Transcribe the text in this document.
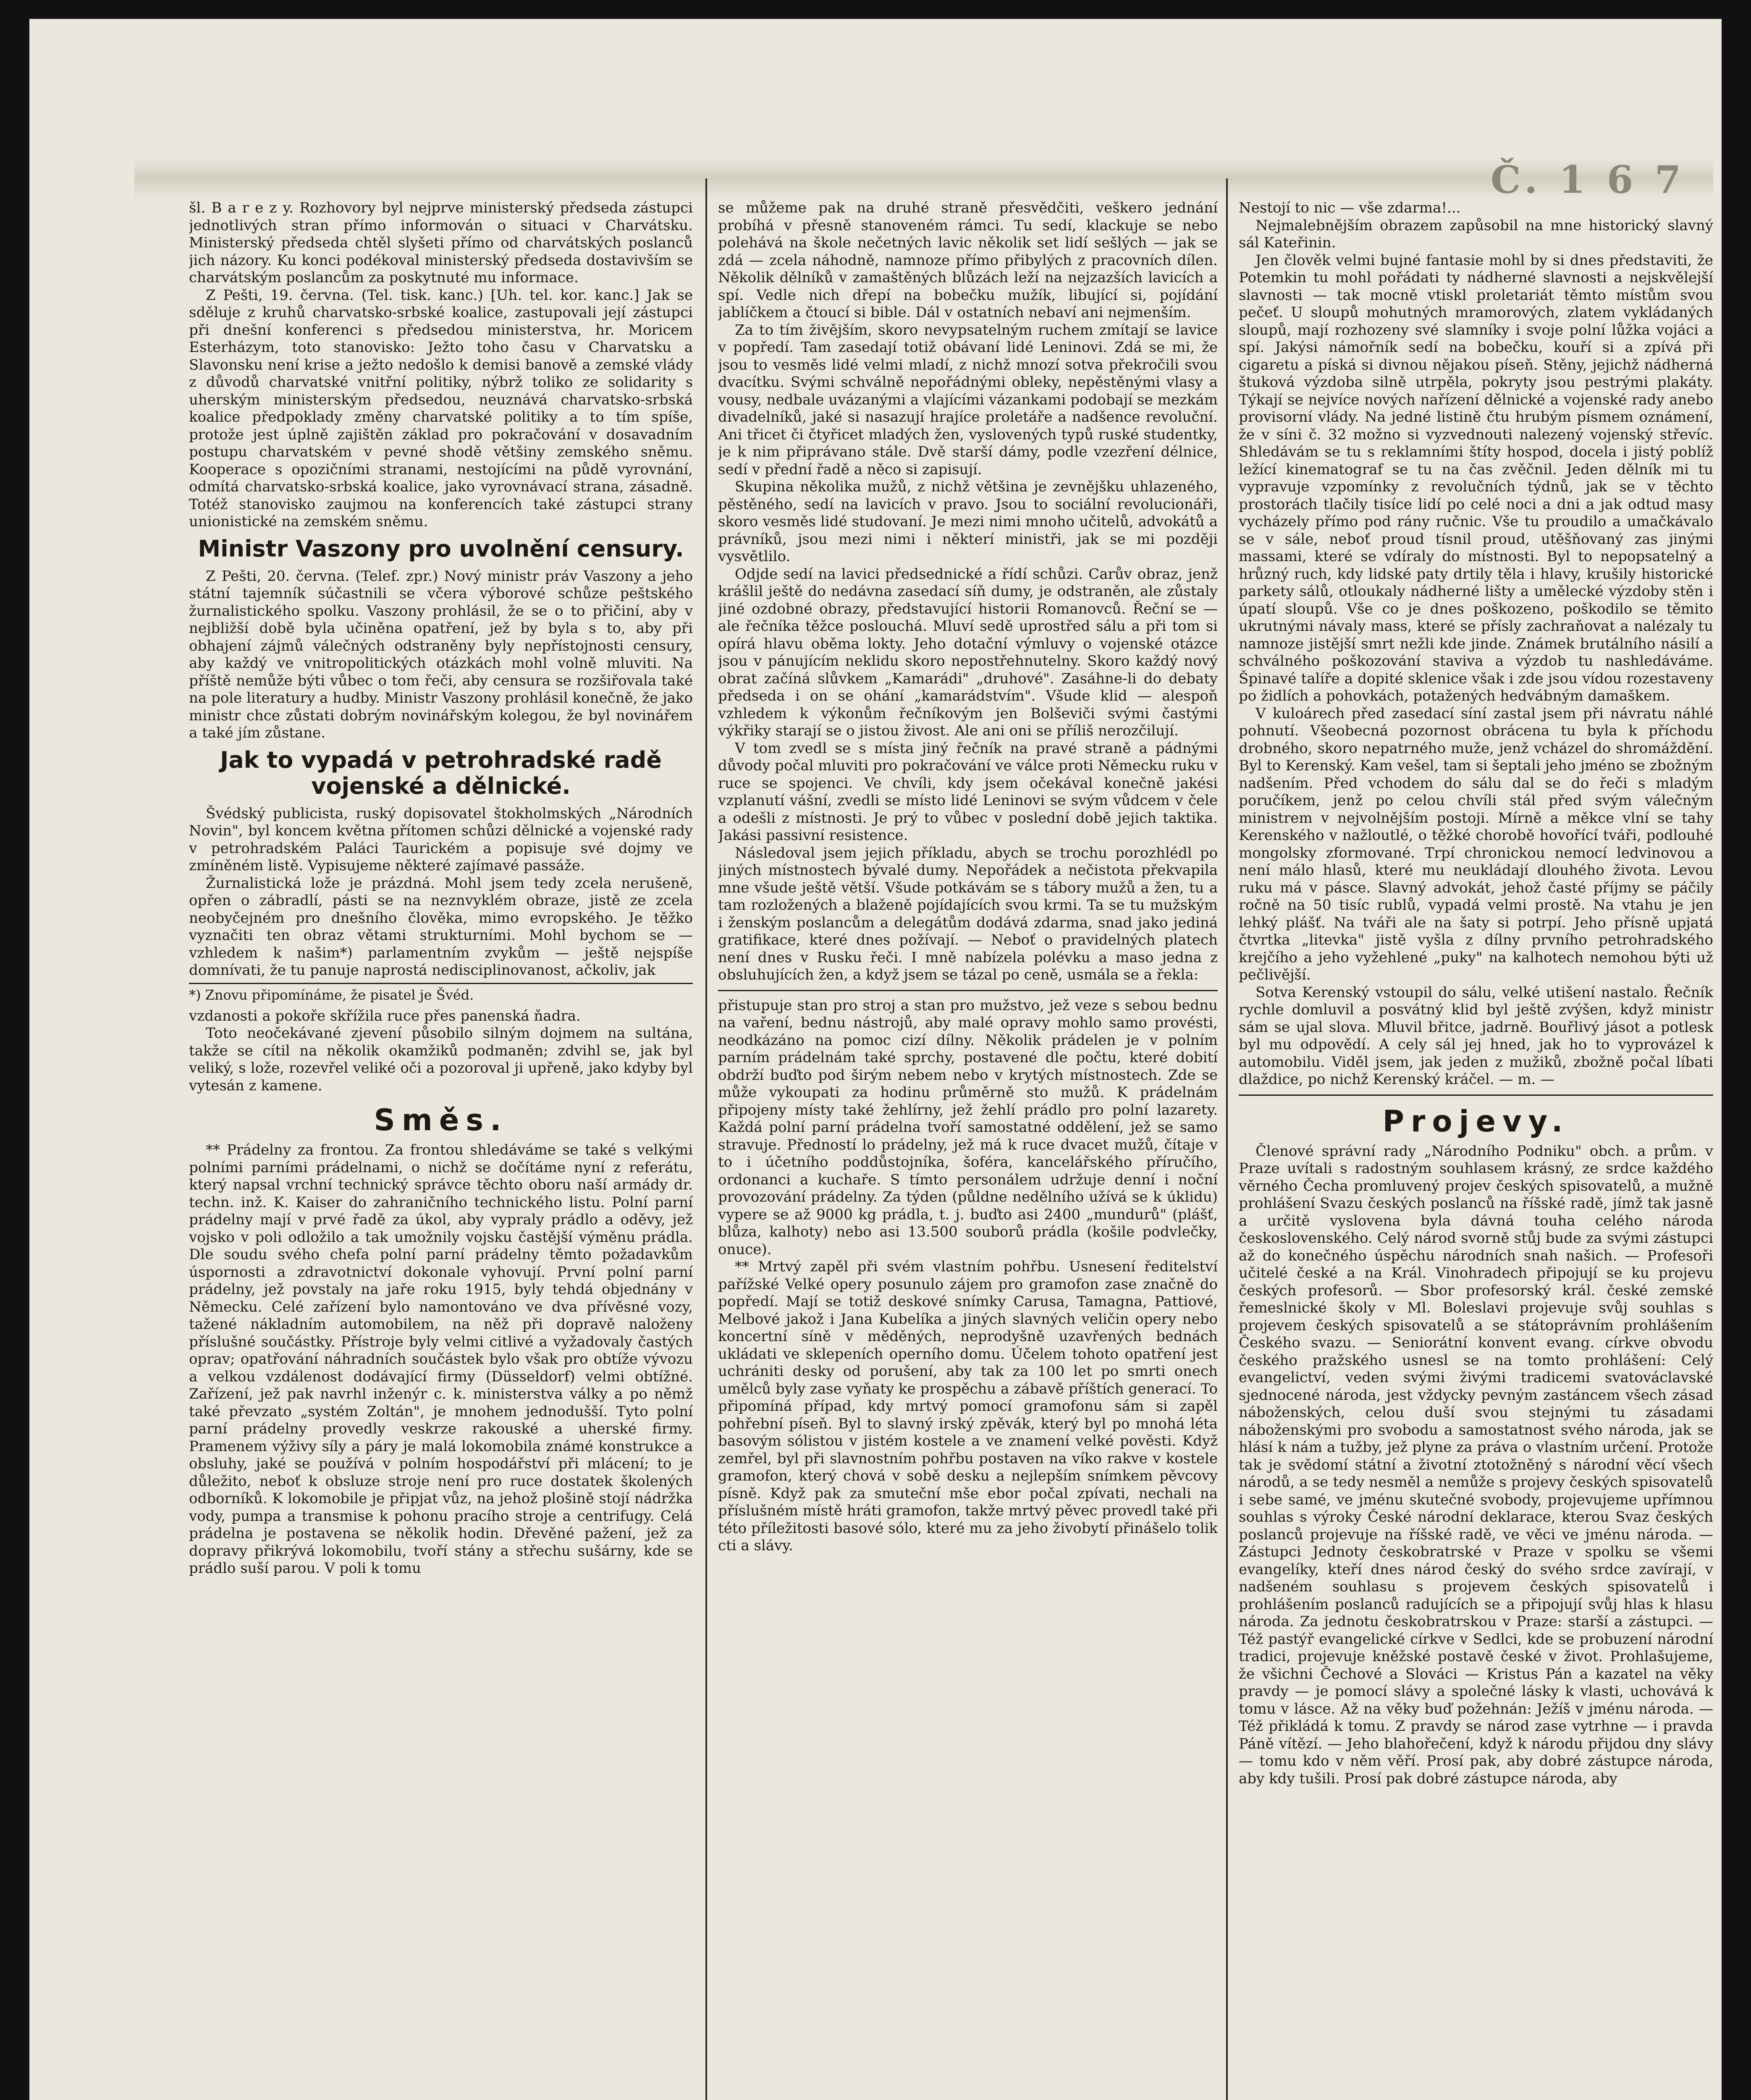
Č. 1 6 7

šl. B a r e z y. Rozhovory byl nejprve ministerský předseda zástupci jednotlivých stran přímo informován o situaci v Charvátsku. Ministerský předseda chtěl slyšeti přímo od charvátských poslanců jich názory. Ku konci podékoval ministerský předseda dostavivším se charvátským poslancům za poskytnuté mu informace.

Z Pešti, 19. června. (Tel. tisk. kanc.) [Uh. tel. kor. kanc.] Jak se sděluje z kruhů charvatsko-srbské koalice, zastupovali její zástupci při dnešní konferenci s předsedou ministerstva, hr. Moricem Esterházym, toto stanovisko: Ježto toho času v Charvatsku a Slavonsku není krise a ježto nedošlo k demisi banově a zemské vlády z důvodů charvatské vnitřní politiky, nýbrž toliko ze solidarity s uherským ministerským předsedou, neuznává charvatsko-srbská koalice předpoklady změny charvatské politiky a to tím spíše, protože jest úplně zajištěn základ pro pokračování v dosavadním postupu charvatském v pevné shodě většiny zemského sněmu. Kooperace s opozičními stranami, nestojícími na půdě vyrovnání, odmítá charvatsko-srbská koalice, jako vyrovnávací strana, zásadně. Totéž stanovisko zaujmou na konferencích také zástupci strany unionistické na zemském sněmu.

Ministr Vaszony pro uvolnění censury.

Z Pešti, 20. června. (Telef. zpr.) Nový ministr práv Vaszony a jeho státní tajemník súčastnili se včera výborové schůze peštského žurnalistického spolku. Vaszony prohlásil, že se o to přičiní, aby v nejbližší době byla učiněna opatření, jež by byla s to, aby při obhajení zájmů válečných odstraněny byly nepřístojnosti censury, aby každý ve vnitropolitických otázkách mohl volně mluviti. Na příště nemůže býti vůbec o tom řeči, aby censura se rozšiřovala také na pole literatury a hudby. Ministr Vaszony prohlásil konečně, že jako ministr chce zůstati dobrým novinářským kolegou, že byl novinářem a také jím zůstane.

Jak to vypadá v petrohradské radě vojenské a dělnické.

Švédský publicista, ruský dopisovatel štokholmských „Národních Novin", byl koncem května přítomen schůzi dělnické a vojenské rady v petrohradském Paláci Taurickém a popisuje své dojmy ve zmíněném listě. Vypisujeme některé zajímavé passáže.

Žurnalistická lože je prázdná. Mohl jsem tedy zcela nerušeně, opřen o zábradlí, pásti se na neznvyklém obraze, jistě ze zcela neobyčejném pro dnešního člověka, mimo evropského. Je těžko vyznačiti ten obraz větami strukturními. Mohl bychom se — vzhledem k našim*) parlamentním zvykům — ještě nejspíše domnívati, že tu panuje naprostá nedisciplinovanost, ačkoliv, jak

*) Znovu připomínáme, že pisatel je Švéd.

vzdanosti a pokoře skřížila ruce přes panenská ňadra.

Toto neočekávané zjevení působilo silným dojmem na sultána, takže se cítil na několik okamžiků podmaněn; zdvihl se, jak byl veliký, s lože, rozevřel veliké oči a pozoroval ji upřeně, jako kdyby byl vytesán z kamene.

Směs.

** Prádelny za frontou. Za frontou shledáváme se také s velkými polními parními prádelnami, o nichž se dočítáme nyní z referátu, který napsal vrchní technický správce těchto oboru naší armády dr. techn. inž. K. Kaiser do zahraničního technického listu. Polní parní prádelny mají v prvé řadě za úkol, aby vypraly prádlo a oděvy, jež vojsko v poli odložilo a tak umožnily vojsku častější výměnu prádla. Dle soudu svého chefa polní parní prádelny těmto požadavkům úspornosti a zdravotnictví dokonale vyhovují. První polní parní prádelny, jež povstaly na jaře roku 1915, byly tehdá objednány v Německu. Celé zařízení bylo namontováno ve dva přívěsné vozy, tažené nákladním automobilem, na něž při dopravě naloženy příslušné součástky. Přístroje byly velmi citlivé a vyžadovaly častých oprav; opatřování náhradních součástek bylo však pro obtíže vývozu a velkou vzdálenost dodávající firmy (Düsseldorf) velmi obtížné. Zařízení, jež pak navrhl inženýr c. k. ministerstva války a po němž také převzato „systém Zoltán", je mnohem jednodušší. Tyto polní parní prádelny provedly veskrze rakouské a uherské firmy. Pramenem výživy síly a páry je malá lokomobila známé konstrukce a obsluhy, jaké se používá v polním hospodářství při mlácení; to je důležito, neboť k obsluze stroje není pro ruce dostatek školených odborníků. K lokomobile je připjat vůz, na jehož plošině stojí nádržka vody, pumpa a transmise k pohonu pracího stroje a centrifugy. Celá prádelna je postavena se několik hodin. Dřevěné pažení, jež za dopravy přikrývá lokomobilu, tvoří stány a střechu sušárny, kde se prádlo suší parou. V poli k tomu

se můžeme pak na druhé straně přesvědčiti, veškero jednání probíhá v přesně stanoveném rámci. Tu sedí, klackuje se nebo polehává na škole nečetných lavic několik set lidí sešlých — jak se zdá — zcela náhodně, namnoze přímo přibylých z pracovních dílen. Několik dělníků v zamaštěných blůzách leží na nejzazších lavicích a spí. Vedle nich dřepí na bobečku mužík, libující si, pojídání jablíčkem a čtoucí si bible. Dál v ostatních nebaví ani nejmenším.

Za to tím živějším, skoro nevypsatelným ruchem zmítají se lavice v popředí. Tam zasedají totiž obávaní lidé Leninovi. Zdá se mi, že jsou to vesměs lidé velmi mladí, z nichž mnozí sotva překročili svou dvacítku. Svými schválně nepořádnými obleky, nepěstěnými vlasy a vousy, nedbale uvázanými a vlajícími vázankami podobají se mezkám divadelníků, jaké si nasazují hrajíce proletáře a nadšence revoluční. Ani třicet či čtyřicet mladých žen, vyslovených typů ruské studentky, je k nim připrávano stále. Dvě starší dámy, podle vzezření délnice, sedí v přední řadě a něco si zapisují.

Skupina několika mužů, z nichž většina je zevnějšku uhlazeného, pěstěného, sedí na lavicích v pravo. Jsou to sociální revolucionáři, skoro vesměs lidé studovaní. Je mezi nimi mnoho učitelů, advokátů a právníků, jsou mezi nimi i některí ministři, jak se mi později vysvětlilo.

Odjde sedí na lavici předsednické a řídí schůzi. Carův obraz, jenž krášlil ještě do nedávna zasedací síň dumy, je odstraněn, ale zůstaly jiné ozdobné obrazy, představující historii Romanovců. Řeční se — ale řečníka těžce poslouchá. Mluví sedě uprostřed sálu a při tom si opírá hlavu oběma lokty. Jeho dotační výmluvy o vojenské otázce jsou v pánujícím neklidu skoro nepostřehnutelny. Skoro každý nový obrat začíná slůvkem „Kamarádi" „druhové". Zasáhne-li do debaty předseda i on se ohání „kamarádstvím". Všude klid — alespoň vzhledem k výkonům řečníkovým jen Bolševiči svými častými výkřiky starají se o jistou živost. Ale ani oni se příliš nerozčilují.

V tom zvedl se s místa jiný řečník na pravé straně a pádnými důvody počal mluviti pro pokračování ve válce proti Německu ruku v ruce se spojenci. Ve chvíli, kdy jsem očekával konečně jakési vzplanutí vášní, zvedli se místo lidé Leninovi se svým vůdcem v čele a odešli z místnosti. Je prý to vůbec v poslední době jejich taktika. Jakási passivní resistence.

Následoval jsem jejich příkladu, abych se trochu porozhlédl po jiných místnostech bývalé dumy. Nepořádek a nečistota překvapila mne všude ještě větší. Všude potkávám se s tábory mužů a žen, tu a tam rozložených a blaženě pojídajících svou krmi. Ta se tu mužským i ženským poslancům a delegátům dodává zdarma, snad jako jediná gratifikace, které dnes požívají. — Neboť o pravidelných platech není dnes v Rusku řeči. I mně nabízela polévku a maso jedna z obsluhujících žen, a když jsem se tázal po ceně, usmála se a řekla:

přistupuje stan pro stroj a stan pro mužstvo, jež veze s sebou bednu na vaření, bednu nástrojů, aby malé opravy mohlo samo provésti, neodkázáno na pomoc cizí dílny. Několik prádelen je v polním parním prádelnám také sprchy, postavené dle počtu, které dobití obdrží buďto pod širým nebem nebo v krytých místnostech. Zde se může vykoupati za hodinu průměrně sto mužů. K prádelnám připojeny místy také žehlírny, jež žehlí prádlo pro polní lazarety. Každá polní parní prádelna tvoří samostatné oddělení, jež se samo stravuje. Předností lo prádelny, jež má k ruce dvacet mužů, čítaje v to i účetního poddůstojníka, šoféra, kancelářského příručího, ordonanci a kuchaře. S tímto personálem udržuje denní i noční provozování prádelny. Za týden (půldne nedělního užívá se k úklidu) vypere se až 9000 kg prádla, t. j. buďto asi 2400 „mundurů" (plášť, blůza, kalhoty) nebo asi 13.500 souborů prádla (košile podvlečky, onuce).

** Mrtvý zapěl při svém vlastním pohřbu. Usnesení ředitelství pařížské Velké opery posunulo zájem pro gramofon zase značně do popředí. Mají se totiž deskové snímky Carusa, Tamagna, Pattiové, Melbové jakož i Jana Kubelíka a jiných slavných veličin opery nebo koncertní síně v měděných, neprodyšně uzavřených bednách ukládati ve sklepeních operního domu. Účelem tohoto opatření jest uchrániti desky od porušení, aby tak za 100 let po smrti onech umělců byly zase vyňaty ke prospěchu a zábavě příštích generací. To připomíná případ, kdy mrtvý pomocí gramofonu sám si zapěl pohřební píseň. Byl to slavný irský zpěvák, který byl po mnohá léta basovým sólistou v jistém kostele a ve znamení velké pověsti. Když zemřel, byl při slavnostním pohřbu postaven na víko rakve v kostele gramofon, který chová v sobě desku a nejlepším snímkem pěvcovy písně. Když pak za smuteční mše ebor počal zpívati, nechali na příslušném místě hráti gramofon, takže mrtvý pěvec provedl také při této příležitosti basové sólo, které mu za jeho živobytí přinášelo tolik cti a slávy.

Nestojí to nic — vše zdarma!...

Nejmalebnějším obrazem zapůsobil na mne historický slavný sál Kateřinin.

Jen člověk velmi bujné fantasie mohl by si dnes představiti, že Potemkin tu mohl pořádati ty nádherné slavnosti a nejskvělejší slavnosti — tak mocně vtiskl proletariát těmto místům svou pečeť. U sloupů mohutných mramorových, zlatem vykládaných sloupů, mají rozhozeny své slamníky i svoje polní lůžka vojáci a spí. Jakýsi námořník sedí na bobečku, kouří si a zpívá při cigaretu a píská si divnou nějakou píseň. Stěny, jejichž nádherná štuková výzdoba silně utrpěla, pokryty jsou pestrými plakáty. Týkají se nejvíce nových nařízení dělnické a vojenské rady anebo provisorní vlády. Na jedné listině čtu hrubým písmem oznámení, že v síni č. 32 možno si vyzvednouti nalezený vojenský střevíc. Shledávám se tu s reklamními štíty hospod, docela i jistý poblíž ležící kinematograf se tu na čas zvěčnil. Jeden dělník mi tu vypravuje vzpomínky z revolučních týdnů, jak se v těchto prostorách tlačily tisíce lidí po celé noci a dni a jak odtud masy vycházely přímo pod rány ručnic. Vše tu proudilo a umačkávalo se v sále, neboť proud tísnil proud, utěšňovaný zas jinými massami, které se vdíraly do místnosti. Byl to nepopsatelný a hrůzný ruch, kdy lidské paty drtily těla i hlavy, krušily historické parkety sálů, otloukaly nádherné lišty a umělecké výzdoby stěn i úpatí sloupů. Vše co je dnes poškozeno, poškodilo se těmito ukrutnými návaly mass, které se přísly zachraňovat a nalézaly tu namnoze jistější smrt nežli kde jinde. Známek brutálního násilí a schválného poškozování staviva a výzdob tu nashledáváme. Špinavé talíře a dopité sklenice však i zde jsou vídou rozestaveny po židlích a pohovkách, potažených hedvábným damaškem.

V kuloárech před zasedací síní zastal jsem při návratu náhlé pohnutí. Všeobecná pozornost obrácena tu byla k příchodu drobného, skoro nepatrného muže, jenž vcházel do shromáždění. Byl to Kerenský. Kam vešel, tam si šeptali jeho jméno se zbožným nadšením. Před vchodem do sálu dal se do řeči s mladým poručíkem, jenž po celou chvíli stál před svým válečným ministrem v nejvolnějším postoji. Mírně a měkce vlní se tahy Kerenského v nažloutlé, o těžké chorobě hovořící tváři, podlouhé mongolsky zformované. Trpí chronickou nemocí ledvinovou a není málo hlasů, které mu neukládají dlouhého života. Levou ruku má v pásce. Slavný advokát, jehož časté příjmy se páčily ročně na 50 tisíc rublů, vypadá velmi prostě. Na vtahu je jen lehký plášť. Na tváři ale na šaty si potrpí. Jeho přísně upjatá čtvrtka „litevka" jistě vyšla z dílny prvního petrohradského krejčího a jeho vyžehlené „puky" na kalhotech nemohou býti už pečlivější.

Sotva Kerenský vstoupil do sálu, velké utišení nastalo. Řečník rychle domluvil a posvátný klid byl ještě zvýšen, když ministr sám se ujal slova. Mluvil břitce, jadrně. Bouřlivý jásot a potlesk byl mu odpovědí. A cely sál jej hned, jak ho to vyprovázel k automobilu. Viděl jsem, jak jeden z mužiků, zbožně počal líbati dlaždice, po nichž Kerenský kráčel. — m. —

Projevy.

Členové správní rady „Národního Podniku" obch. a prům. v Praze uvítali s radostným souhlasem krásný, ze srdce každého věrného Čecha promluvený projev českých spisovatelů, a mužně prohlášení Svazu českých poslanců na říšské radě, jímž tak jasně a určitě vyslovena byla dávná touha celého národa československého. Celý národ svorně stůj bude za svými zástupci až do konečného úspěchu národních snah našich. — Profesoři učitelé české a na Král. Vinohradech připojují se ku projevu českých profesorů. — Sbor profesorský král. české zemské řemeslnické školy v Ml. Boleslavi projevuje svůj souhlas s projevem českých spisovatelů a se státoprávním prohlášením Českého svazu. — Seniorátní konvent evang. církve obvodu českého pražského usnesl se na tomto prohlášení: Celý evangelictví, veden svými živými tradicemi svatováclavské sjednocené národa, jest vždycky pevným zastáncem všech zásad náboženských, celou duší svou stejnými tu zásadami náboženskými pro svobodu a samostatnost svého národa, jak se hlásí k nám a tužby, jež plyne za práva o vlastním určení. Protože tak je svědomí státní a životní ztotožněný s národní věcí všech národů, a se tedy nesměl a nemůže s projevy českých spisovatelů i sebe samé, ve jménu skutečné svobody, projevujeme upřímnou souhlas s výroky České národní deklarace, kterou Svaz českých poslanců projevuje na říšské radě, ve věci ve jménu národa. — Zástupci Jednoty českobratrské v Praze v spolku se všemi evangelíky, kteří dnes národ český do svého srdce zavírají, v nadšeném souhlasu s projevem českých spisovatelů i prohlášením poslanců radujících se a připojují svůj hlas k hlasu národa. Za jednotu českobratrskou v Praze: starší a zástupci. — Též pastýř evangelické církve v Sedlci, kde se probuzení národní tradici, projevuje kněžské postavě české v život. Prohlašujeme, že všichni Čechové a Slováci — Kristus Pán a kazatel na věky pravdy — je pomocí slávy a společné lásky k vlasti, uchovává k tomu v lásce. Až na věky buď požehnán: Ježíš v jménu národa. — Též přikládá k tomu. Z pravdy se národ zase vytrhne — i pravda Páně vítězí. — Jeho blahořečení, když k národu přijdou dny slávy — tomu kdo v něm věří. Prosí pak, aby dobré zástupce národa, aby kdy tušili. Prosí pak dobré zástupce národa, aby
